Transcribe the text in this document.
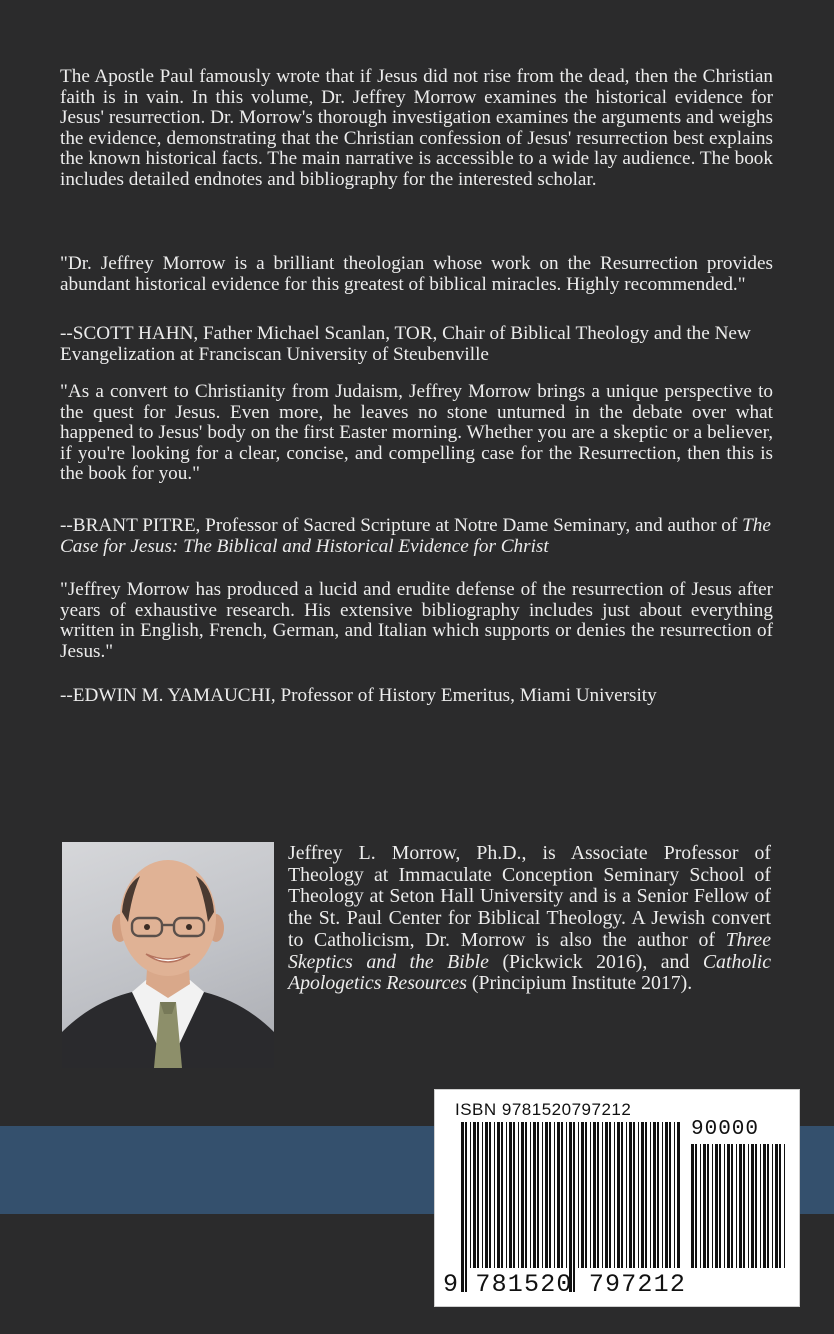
The Apostle Paul famously wrote that if Jesus did not rise from the dead, then the Christian faith is in vain. In this volume, Dr. Jeffrey Morrow examines the historical evidence for Jesus' resurrection. Dr. Morrow's thorough investigation examines the arguments and weighs the evidence, demonstrating that the Christian confession of Jesus' resurrection best explains the known historical facts. The main narrative is accessible to a wide lay audience. The book includes detailed endnotes and bibliography for the interested scholar.

"Dr. Jeffrey Morrow is a brilliant theologian whose work on the Resurrection provides abundant historical evidence for this greatest of biblical miracles. Highly recommended."

--SCOTT HAHN, Father Michael Scanlan, TOR, Chair of Biblical Theology and the New Evangelization at Franciscan University of Steubenville

"As a convert to Christianity from Judaism, Jeffrey Morrow brings a unique perspective to the quest for Jesus. Even more, he leaves no stone unturned in the debate over what happened to Jesus' body on the first Easter morning. Whether you are a skeptic or a believer, if you're looking for a clear, concise, and compelling case for the Resurrection, then this is the book for you."

--BRANT PITRE, Professor of Sacred Scripture at Notre Dame Seminary, and author of The Case for Jesus: The Biblical and Historical Evidence for Christ

"Jeffrey Morrow has produced a lucid and erudite defense of the resurrection of Jesus after years of exhaustive research. His extensive bibliography includes just about everything written in English, French, German, and Italian which supports or denies the resurrection of Jesus."

--EDWIN M. YAMAUCHI, Professor of History Emeritus, Miami University

Jeffrey L. Morrow, Ph.D., is Associate Professor of Theology at Immaculate Conception Seminary School of Theology at Seton Hall University and is a Senior Fellow of the St. Paul Center for Biblical Theology. A Jewish convert to Catholicism, Dr. Morrow is also the author of Three Skeptics and the Bible (Pickwick 2016), and Catholic Apologetics Resources (Principium Institute 2017).

ISBN 9781520797212
90000
9 781520 797212
